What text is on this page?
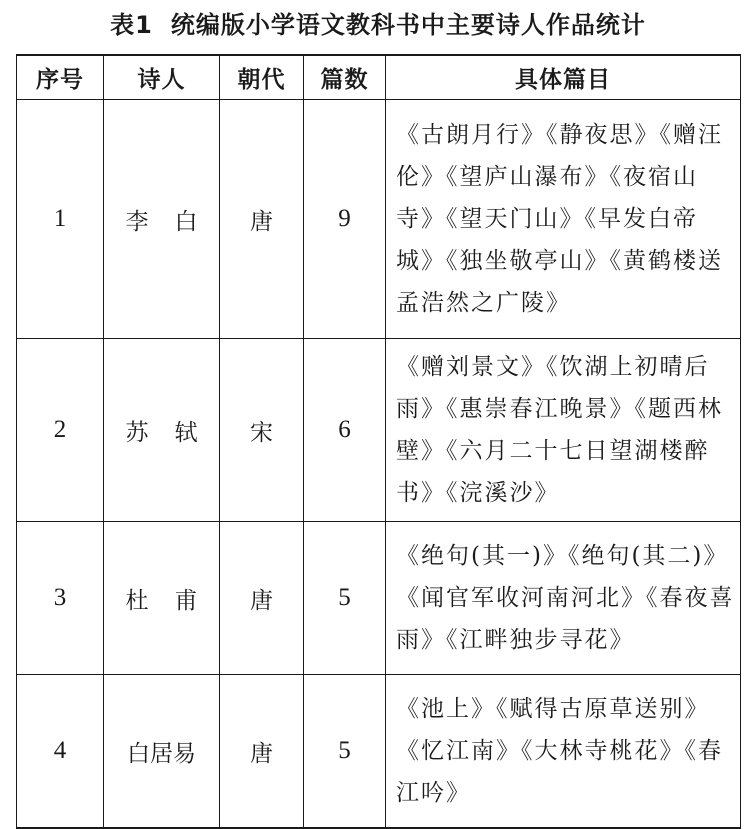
表1 统编版小学语文教科书中主要诗人作品统计
序号	诗人	朝代	篇数	具体篇目
1	李白	唐	9	《古朗月行》《静夜思》《赠汪伦》《望庐山瀑布》《夜宿山寺》《望天门山》《早发白帝城》《独坐敬亭山》《黄鹤楼送孟浩然之广陵》
2	苏轼	宋	6	《赠刘景文》《饮湖上初晴后雨》《惠崇春江晚景》《题西林壁》《六月二十七日望湖楼醉书》《浣溪沙》
3	杜甫	唐	5	《绝句(其一)》《绝句(其二)》《闻官军收河南河北》《春夜喜雨》《江畔独步寻花》
4	白居易	唐	5	《池上》《赋得古原草送别》《忆江南》《大林寺桃花》《春江吟》
